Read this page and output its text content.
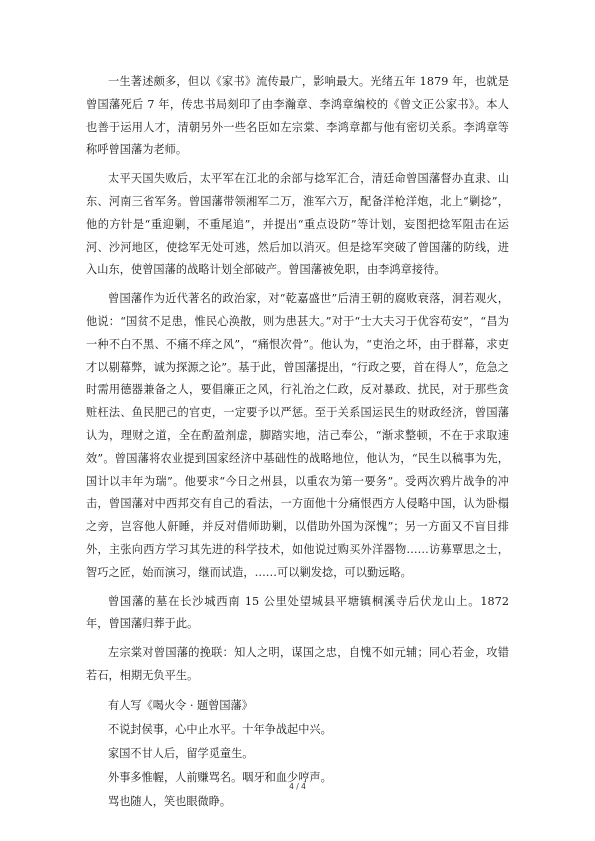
一生著述颇多，但以《家书》流传最广，影响最大。光绪五年 1879 年，也就是曾国藩死后 7 年，传忠书局刻印了由李瀚章、李鸿章编校的《曾文正公家书》。本人也善于运用人才，清朝另外一些名臣如左宗棠、李鸿章都与他有密切关系。李鸿章等称呼曾国藩为老师。

太平天国失败后，太平军在江北的余部与捻军汇合，清廷命曾国藩督办直隶、山东、河南三省军务。曾国藩带领湘军二万，淮军六万，配备洋枪洋炮，北上“剿捻”，他的方针是“重迎剿，不重尾追”，并提出“重点设防”等计划，妄图把捻军阻击在运河、沙河地区，使捻军无处可逃，然后加以消灭。但是捻军突破了曾国藩的防线，进入山东，使曾国藩的战略计划全部破产。曾国藩被免职，由李鸿章接待。

曾国藩作为近代著名的政治家，对“乾嘉盛世”后清王朝的腐败衰落，洞若观火，他说：“国贫不足患，惟民心涣散，则为患甚大。”对于“士大夫习于优容苟安”，“昌为一种不白不黑、不痛不痒之风”，“痛恨次骨”。他认为，“吏治之坏，由于群幕，求吏才以剔幕弊，诚为探源之论”。基于此，曾国藩提出，“行政之要，首在得人”，危急之时需用德器兼备之人，要倡廉正之风，行礼治之仁政，反对暴政、扰民，对于那些贪赃枉法、鱼民肥己的官吏，一定要予以严惩。至于关系国运民生的财政经济，曾国藩认为，理财之道，全在酌盈剂虚，脚踏实地，洁己奉公，“渐求整顿，不在于求取速效”。曾国藩将农业提到国家经济中基础性的战略地位，他认为，“民生以稿事为先，国计以丰年为瑞”。他要求“今日之州县，以重农为第一要务”。受两次鸦片战争的冲击，曾国藩对中西邦交有自己的看法，一方面他十分痛恨西方人侵略中国，认为卧榻之旁，岂容他人鼾睡，并反对借师助剿，以借助外国为深愧”；另一方面又不盲目排外，主张向西方学习其先进的科学技术，如他说过购买外洋器物……访募覃思之士，智巧之匠，始而演习，继而试造，……可以剿发捻，可以勤远略。

曾国藩的墓在长沙城西南 15 公里处望城县平塘镇桐溪寺后伏龙山上。1872 年，曾国藩归葬于此。

左宗棠对曾国藩的挽联：知人之明，谋国之忠，自愧不如元辅；同心若金，攻错若石，相期无负平生。

有人写《喝火令 · 题曾国藩》

不说封侯事，心中止水平。十年争战起中兴。

家国不甘人后，留学觅童生。

外事多惟幄，人前赚骂名。咽牙和血少哼声。

骂也随人，笑也眼微睁。

4 / 4
